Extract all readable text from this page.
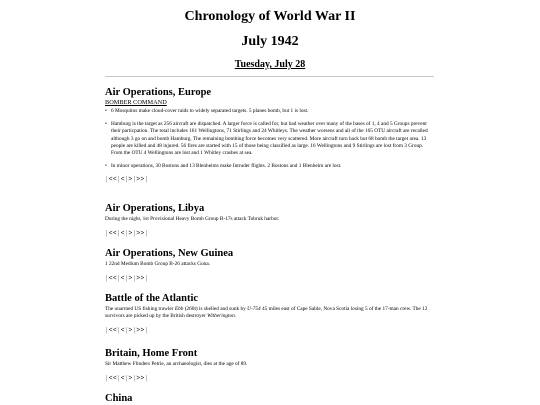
Chronology of World War II
July 1942
Tuesday, July 28
Air Operations, Europe
BOMBER COMMAND
• 6 Mosquitos make cloud-cover raids to widely separated targets. 5 planes bomb, but 1 is lost.
• Hamburg is the target as 256 aircraft are dispatched. A larger force is called for, but bad weather over many of the bases of 1, 4 and 5 Groups prevent their particpation. The total includes 161 Wellingtons, 71 Stirlings and 24 Whitleys. The weather worsens and all of the 165 OTU aircraft are recalled although 3 go on and bomb Hamburg. The remaining bombing force becomes very scattered. More aircraft turn back but 68 bomb the target area. 13 people are killed and 48 injured. 56 fires are started with 15 of those being classified as large. 16 Wellingtons and 9 Stirlings are lost from 3 Group. From the OTU 4 Wellingtons are lost and 1 Whitley crashes at sea.
• In minor operations, 30 Bostons and 13 Blenheims make Intruder flights. 2 Bostons and 1 Blenheim are lost.
|<<|<|>|>>|
Air Operations, Libya

During the night, 1st Provisional Heavy Bomb Group B-17s attack Tobruk harbor.

|<<|<|>|>>|
Air Operations, New Guinea

1 22nd Medium Bomb Group B-26 attacks Gona.

|<<|<|>|>>|
Battle of the Atlantic

The unarmed US fishing trawler Ebb (260t) is shelled and sunk by U-754 45 miles east of Cape Sable, Nova Scotia losing 5 of the 17-man crew. The 12 survivors are picked up by the British destroyer Witherington.

|<<|<|>|>>|
Britain, Home Front

Sir Matthew Flinders Petrie, an archaeologist, dies at the age of 89.

|<<|<|>|>>|
China
